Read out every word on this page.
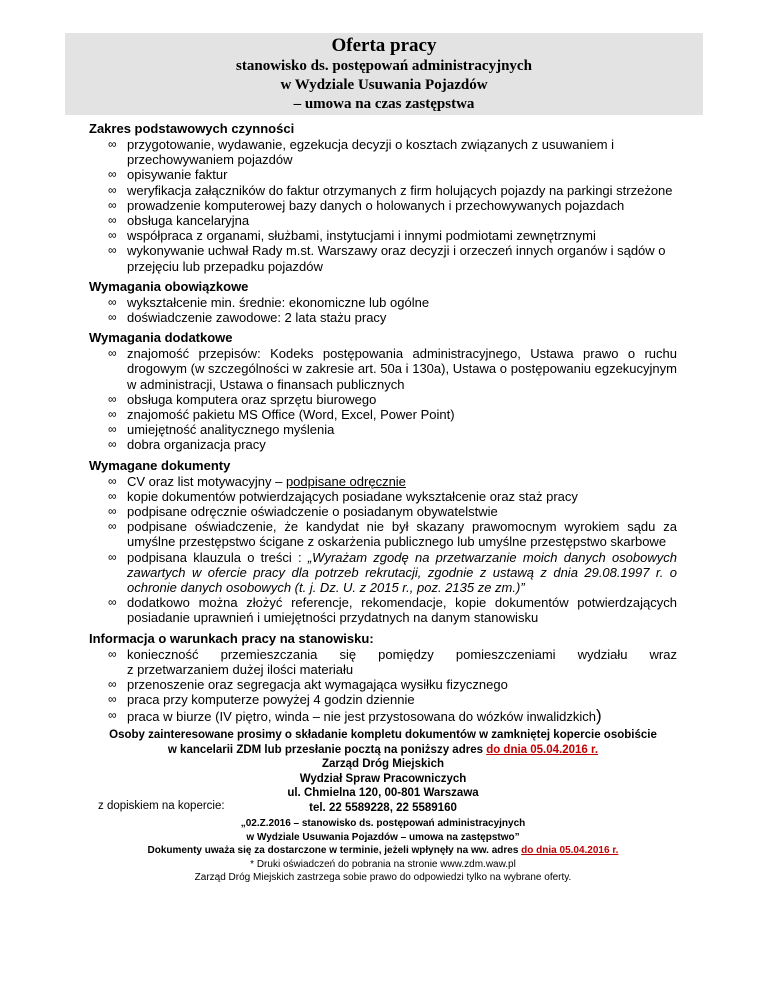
Oferta pracy
stanowisko ds. postępowań administracyjnych
w Wydziale Usuwania Pojazdów
– umowa na czas zastępstwa
Zakres podstawowych czynności
∞ przygotowanie, wydawanie, egzekucja decyzji o kosztach związanych z usuwaniem i przechowywaniem pojazdów
∞ opisywanie faktur
∞ weryfikacja załączników do faktur otrzymanych z firm holujących pojazdy na parkingi strzeżone
∞ prowadzenie komputerowej bazy danych o holowanych i przechowywanych pojazdach
∞ obsługa kancelaryjna
∞ współpraca z organami, służbami, instytucjami i innymi podmiotami zewnętrznymi
∞ wykonywanie uchwał Rady m.st. Warszawy oraz decyzji i orzeczeń innych organów i sądów o przejęciu lub przepadku pojazdów
Wymagania obowiązkowe
∞ wykształcenie min. średnie: ekonomiczne lub ogólne
∞ doświadczenie zawodowe: 2 lata stażu pracy
Wymagania dodatkowe
∞ znajomość przepisów: Kodeks postępowania administracyjnego, Ustawa prawo o ruchu drogowym (w szczególności w zakresie art. 50a i 130a), Ustawa o postępowaniu egzekucyjnym w administracji, Ustawa o finansach publicznych
∞ obsługa komputera oraz sprzętu biurowego
∞ znajomość pakietu MS Office (Word, Excel, Power Point)
∞ umiejętność analitycznego myślenia
∞ dobra organizacja pracy
Wymagane dokumenty
∞ CV oraz list motywacyjny – podpisane odręcznie
∞ kopie dokumentów potwierdzających posiadane wykształcenie oraz staż pracy
∞ podpisane odręcznie oświadczenie o posiadanym obywatelstwie
∞ podpisane oświadczenie, że kandydat nie był skazany prawomocnym wyrokiem sądu za umyślne przestępstwo ścigane z oskarżenia publicznego lub umyślne przestępstwo skarbowe
∞ podpisana klauzula o treści : „Wyrażam zgodę na przetwarzanie moich danych osobowych zawartych w ofercie pracy dla potrzeb rekrutacji, zgodnie z ustawą z dnia 29.08.1997 r. o ochronie danych osobowych (t. j. Dz. U. z 2015 r., poz. 2135 ze zm.)”
∞ dodatkowo można złożyć referencje, rekomendacje, kopie dokumentów potwierdzających posiadanie uprawnień i umiejętności przydatnych na danym stanowisku
Informacja o warunkach pracy na stanowisku:
∞ konieczność przemieszczania się pomiędzy pomieszczeniami wydziału wraz
z przetwarzaniem dużej ilości materiału
∞ przenoszenie oraz segregacja akt wymagająca wysiłku fizycznego
∞ praca przy komputerze powyżej 4 godzin dziennie
∞ praca w biurze (IV piętro, winda – nie jest przystosowana do wózków inwalidzkich)
Osoby zainteresowane prosimy o składanie kompletu dokumentów w zamkniętej kopercie osobiście
w kancelarii ZDM lub przesłanie pocztą na poniższy adres do dnia 05.04.2016 r.
Zarząd Dróg Miejskich
Wydział Spraw Pracowniczych
ul. Chmielna 120, 00-801 Warszawa
tel. 22 5589228, 22 5589160
z dopiskiem na kopercie:
„02.Z.2016 – stanowisko ds. postępowań administracyjnych
w Wydziale Usuwania Pojazdów – umowa na zastępstwo”
Dokumenty uważa się za dostarczone w terminie, jeżeli wpłynęły na ww. adres do dnia 05.04.2016 r.
* Druki oświadczeń do pobrania na stronie www.zdm.waw.pl
Zarząd Dróg Miejskich zastrzega sobie prawo do odpowiedzi tylko na wybrane oferty.
